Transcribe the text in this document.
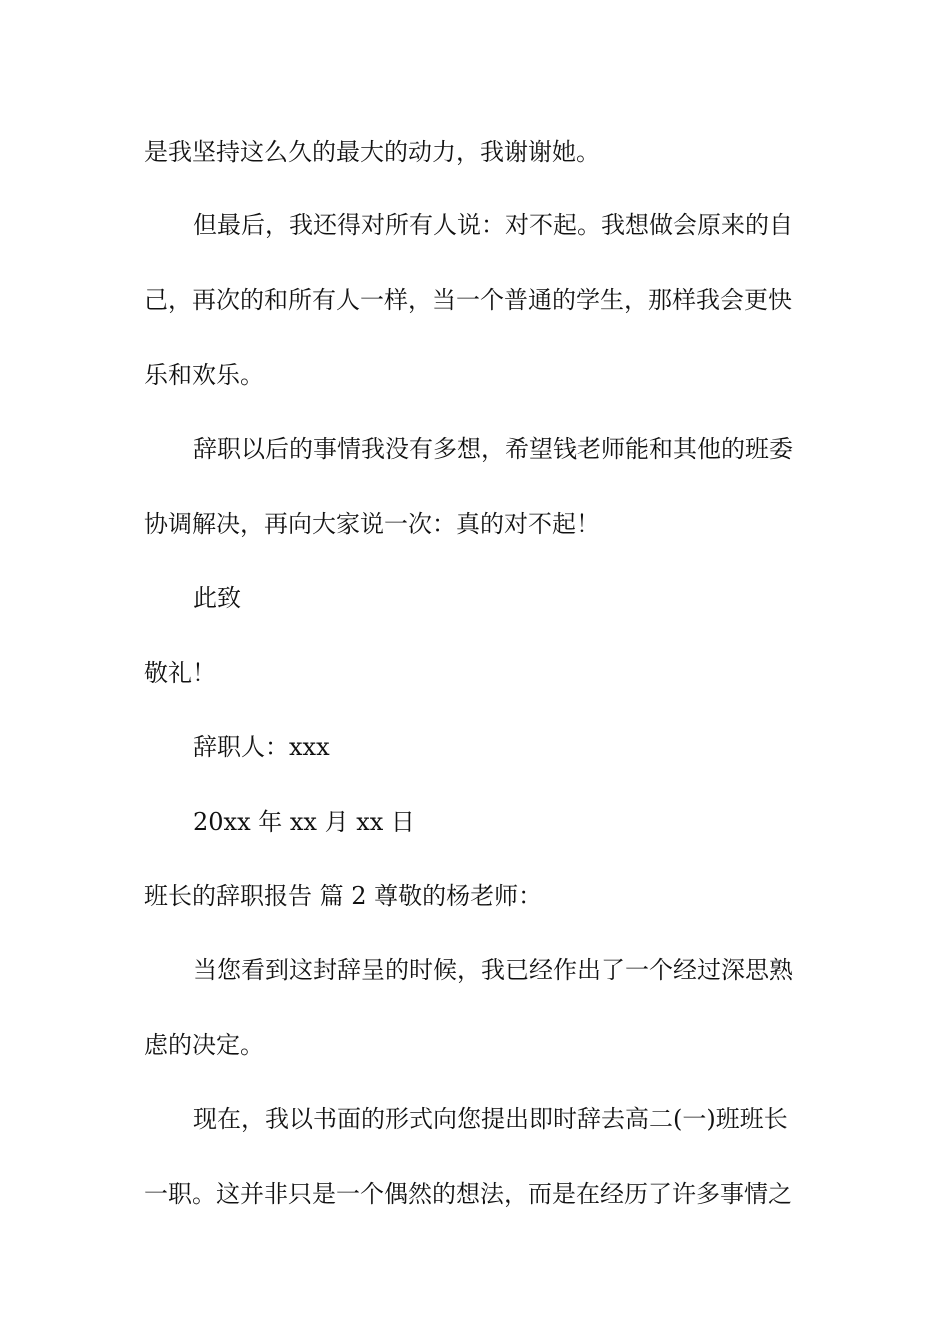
是我坚持这么久的最大的动力，我谢谢她。

但最后，我还得对所有人说：对不起。我想做会原来的自

己，再次的和所有人一样，当一个普通的学生，那样我会更快

乐和欢乐。

辞职以后的事情我没有多想，希望钱老师能和其他的班委

协调解决，再向大家说一次：真的对不起！

此致

敬礼！

辞职人：xxx

20xx 年 xx 月 xx 日

班长的辞职报告 篇 2 尊敬的杨老师：

当您看到这封辞呈的时候，我已经作出了一个经过深思熟

虑的决定。

现在，我以书面的形式向您提出即时辞去高二(一)班班长

一职。这并非只是一个偶然的想法，而是在经历了许多事情之
